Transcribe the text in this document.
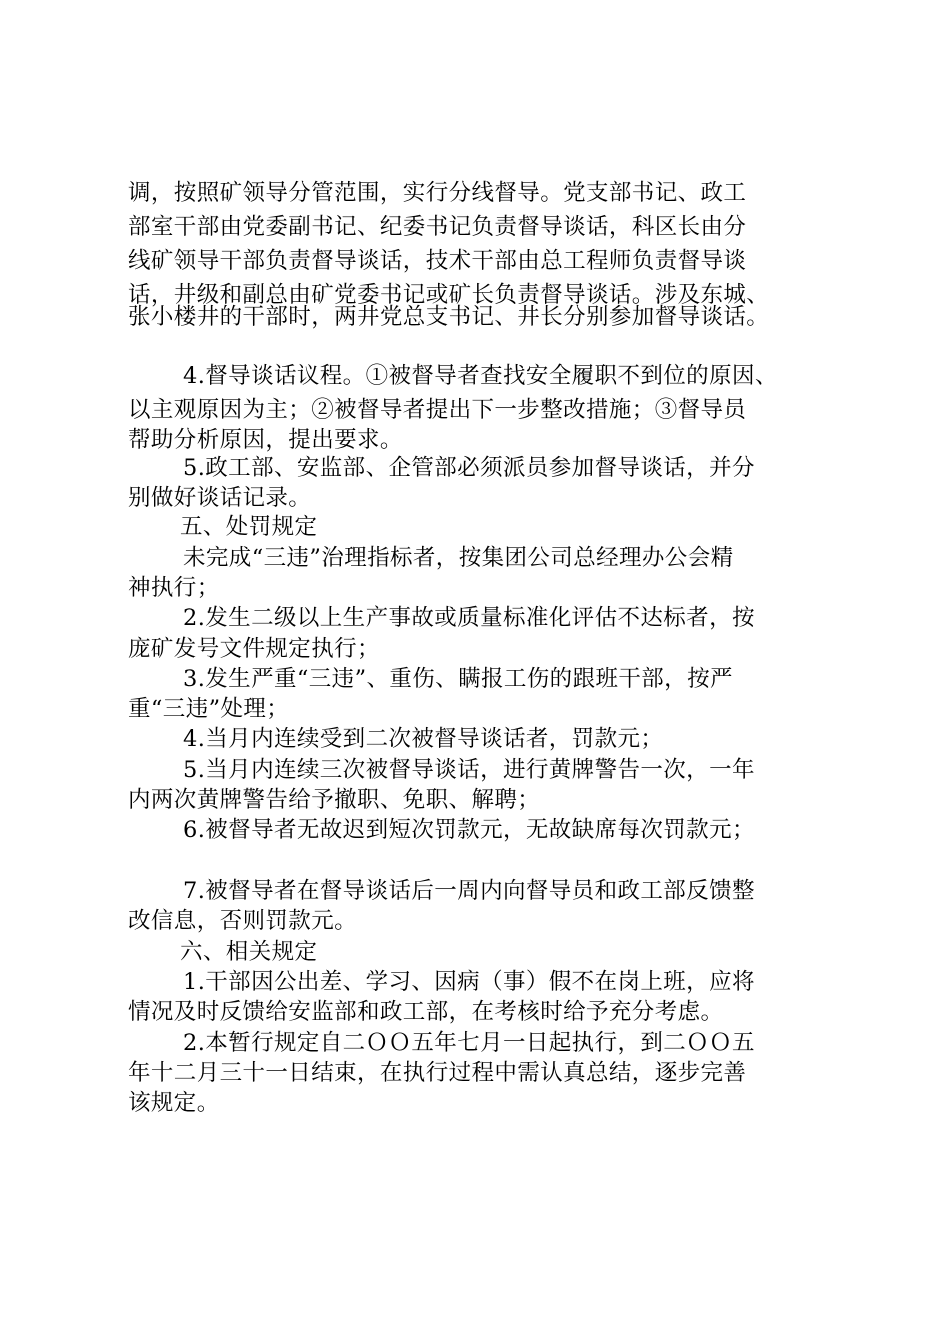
调，按照矿领导分管范围，实行分线督导。党支部书记、政工
部室干部由党委副书记、纪委书记负责督导谈话，科区长由分
线矿领导干部负责督导谈话，技术干部由总工程师负责督导谈
话，井级和副总由矿党委书记或矿长负责督导谈话。涉及东城、
张小楼井的干部时，两井党总支书记、井长分别参加督导谈话。
4.督导谈话议程。①被督导者查找安全履职不到位的原因、
以主观原因为主；②被督导者提出下一步整改措施；③督导员
帮助分析原因，提出要求。
5.政工部、安监部、企管部必须派员参加督导谈话，并分
别做好谈话记录。
五、处罚规定
未完成“三违”治理指标者，按集团公司总经理办公会精
神执行；
2.发生二级以上生产事故或质量标准化评估不达标者，按
庞矿发号文件规定执行；
3.发生严重“三违”、重伤、瞒报工伤的跟班干部，按严
重“三违”处理；
4.当月内连续受到二次被督导谈话者，罚款元；
5.当月内连续三次被督导谈话，进行黄牌警告一次，一年
内两次黄牌警告给予撤职、免职、解聘；
6.被督导者无故迟到短次罚款元，无故缺席每次罚款元；
7.被督导者在督导谈话后一周内向督导员和政工部反馈整
改信息，否则罚款元。
六、相关规定
1.干部因公出差、学习、因病（事）假不在岗上班，应将
情况及时反馈给安监部和政工部，在考核时给予充分考虑。
2.本暂行规定自二ＯＯ五年七月一日起执行，到二ＯＯ五
年十二月三十一日结束，在执行过程中需认真总结，逐步完善
该规定。
